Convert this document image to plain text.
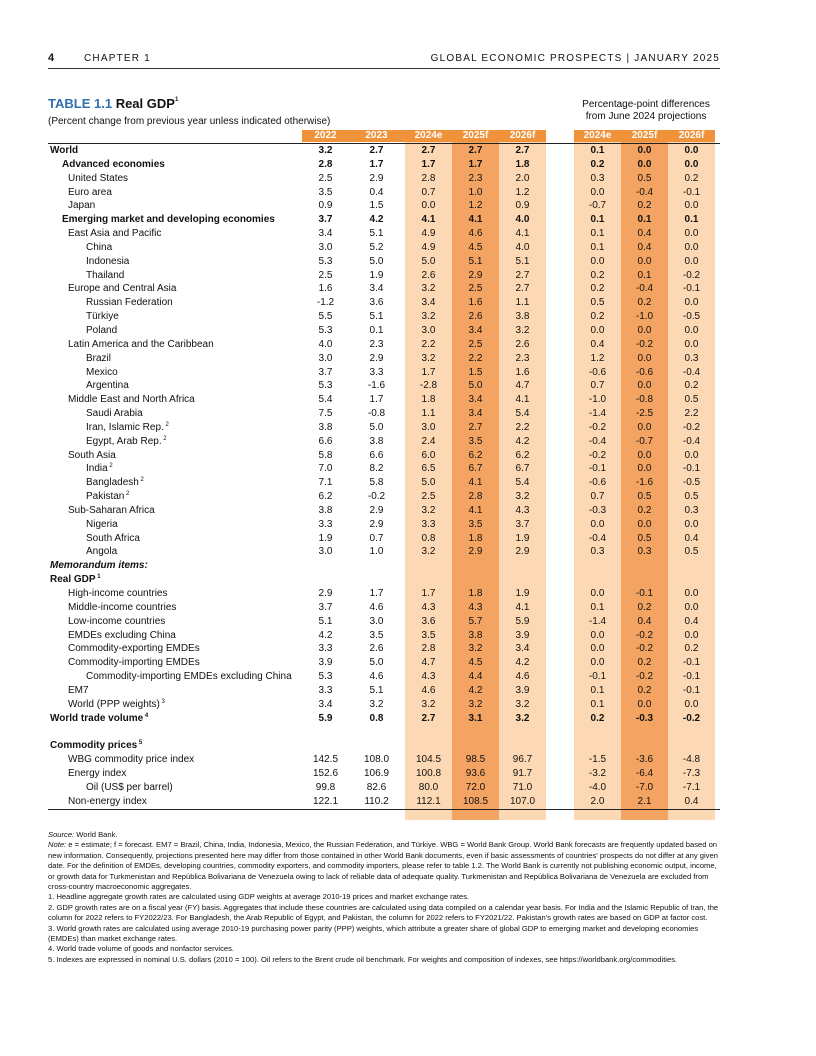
4	CHAPTER 1	GLOBAL ECONOMIC PROSPECTS | JANUARY 2025
TABLE 1.1 Real GDP$^1$
(Percent change from previous year unless indicated otherwise)
Percentage-point differences from June 2024 projections
2022	2023	2024e	2025f	2026f	2024e	2025f	2026f
World	3.2	2.7	2.7	2.7	2.7	0.1	0.0	0.0
Advanced economies	2.8	1.7	1.7	1.7	1.8	0.2	0.0	0.0
United States	2.5	2.9	2.8	2.3	2.0	0.3	0.5	0.2
Euro area	3.5	0.4	0.7	1.0	1.2	0.0	-0.4	-0.1
Japan	0.9	1.5	0.0	1.2	0.9	-0.7	0.2	0.0
Emerging market and developing economies	3.7	4.2	4.1	4.1	4.0	0.1	0.1	0.1
East Asia and Pacific	3.4	5.1	4.9	4.6	4.1	0.1	0.4	0.0
China	3.0	5.2	4.9	4.5	4.0	0.1	0.4	0.0
Indonesia	5.3	5.0	5.0	5.1	5.1	0.0	0.0	0.0
Thailand	2.5	1.9	2.6	2.9	2.7	0.2	0.1	-0.2
Europe and Central Asia	1.6	3.4	3.2	2.5	2.7	0.2	-0.4	-0.1
Russian Federation	-1.2	3.6	3.4	1.6	1.1	0.5	0.2	0.0
Türkiye	5.5	5.1	3.2	2.6	3.8	0.2	-1.0	-0.5
Poland	5.3	0.1	3.0	3.4	3.2	0.0	0.0	0.0
Latin America and the Caribbean	4.0	2.3	2.2	2.5	2.6	0.4	-0.2	0.0
Brazil	3.0	2.9	3.2	2.2	2.3	1.2	0.0	0.3
Mexico	3.7	3.3	1.7	1.5	1.6	-0.6	-0.6	-0.4
Argentina	5.3	-1.6	-2.8	5.0	4.7	0.7	0.0	0.2
Middle East and North Africa	5.4	1.7	1.8	3.4	4.1	-1.0	-0.8	0.5
Saudi Arabia	7.5	-0.8	1.1	3.4	5.4	-1.4	-2.5	2.2
Iran, Islamic Rep. $^2$	3.8	5.0	3.0	2.7	2.2	-0.2	0.0	-0.2
Egypt, Arab Rep. $^2$	6.6	3.8	2.4	3.5	4.2	-0.4	-0.7	-0.4
South Asia	5.8	6.6	6.0	6.2	6.2	-0.2	0.0	0.0
India $^2$	7.0	8.2	6.5	6.7	6.7	-0.1	0.0	-0.1
Bangladesh $^2$	7.1	5.8	5.0	4.1	5.4	-0.6	-1.6	-0.5
Pakistan $^2$	6.2	-0.2	2.5	2.8	3.2	0.7	0.5	0.5
Sub-Saharan Africa	3.8	2.9	3.2	4.1	4.3	-0.3	0.2	0.3
Nigeria	3.3	2.9	3.3	3.5	3.7	0.0	0.0	0.0
South Africa	1.9	0.7	0.8	1.8	1.9	-0.4	0.5	0.4
Angola	3.0	1.0	3.2	2.9	2.9	0.3	0.3	0.5
Memorandum items:
Real GDP $^1$
High-income countries	2.9	1.7	1.7	1.8	1.9	0.0	-0.1	0.0
Middle-income countries	3.7	4.6	4.3	4.3	4.1	0.1	0.2	0.0
Low-income countries	5.1	3.0	3.6	5.7	5.9	-1.4	0.4	0.4
EMDEs excluding China	4.2	3.5	3.5	3.8	3.9	0.0	-0.2	0.0
Commodity-exporting EMDEs	3.3	2.6	2.8	3.2	3.4	0.0	-0.2	0.2
Commodity-importing EMDEs	3.9	5.0	4.7	4.5	4.2	0.0	0.2	-0.1
Commodity-importing EMDEs excluding China	5.3	4.6	4.3	4.4	4.6	-0.1	-0.2	-0.1
EM7	3.3	5.1	4.6	4.2	3.9	0.1	0.2	-0.1
World (PPP weights) $^3$	3.4	3.2	3.2	3.2	3.2	0.1	0.0	0.0
World trade volume $^4$	5.9	0.8	2.7	3.1	3.2	0.2	-0.3	-0.2
Commodity prices $^5$
WBG commodity price index	142.5	108.0	104.5	98.5	96.7	-1.5	-3.6	-4.8
Energy index	152.6	106.9	100.8	93.6	91.7	-3.2	-6.4	-7.3
Oil (US$ per barrel)	99.8	82.6	80.0	72.0	71.0	-4.0	-7.0	-7.1
Non-energy index	122.1	110.2	112.1	108.5	107.0	2.0	2.1	0.4

Source: World Bank.

Note: e = estimate; f = forecast. EM7 = Brazil, China, India, Indonesia, Mexico, the Russian Federation, and Türkiye. WBG = World Bank Group. World Bank forecasts are frequently updated based on new information. Consequently, projections presented here may differ from those contained in other World Bank documents, even if basic assessments of countries' prospects do not differ at any given date. For the definition of EMDEs, developing countries, commodity exporters, and commodity importers, please refer to table 1.2. The World Bank is currently not publishing economic output, income, or growth data for Turkmenistan and República Bolivariana de Venezuela owing to lack of reliable data of adequate quality. Turkmenistan and República Bolivariana de Venezuela are excluded from cross-country macroeconomic aggregates.

1. Headline aggregate growth rates are calculated using GDP weights at average 2010-19 prices and market exchange rates.

2. GDP growth rates are on a fiscal year (FY) basis. Aggregates that include these countries are calculated using data compiled on a calendar year basis. For India and the Islamic Republic of Iran, the column for 2022 refers to FY2022/23. For Bangladesh, the Arab Republic of Egypt, and Pakistan, the column for 2022 refers to FY2021/22. Pakistan's growth rates are based on GDP at factor cost.

3. World growth rates are calculated using average 2010-19 purchasing power parity (PPP) weights, which attribute a greater share of global GDP to emerging market and developing economies (EMDEs) than market exchange rates.

4. World trade volume of goods and nonfactor services.

5. Indexes are expressed in nominal U.S. dollars (2010 = 100). Oil refers to the Brent crude oil benchmark. For weights and composition of indexes, see https://worldbank.org/commodities.
